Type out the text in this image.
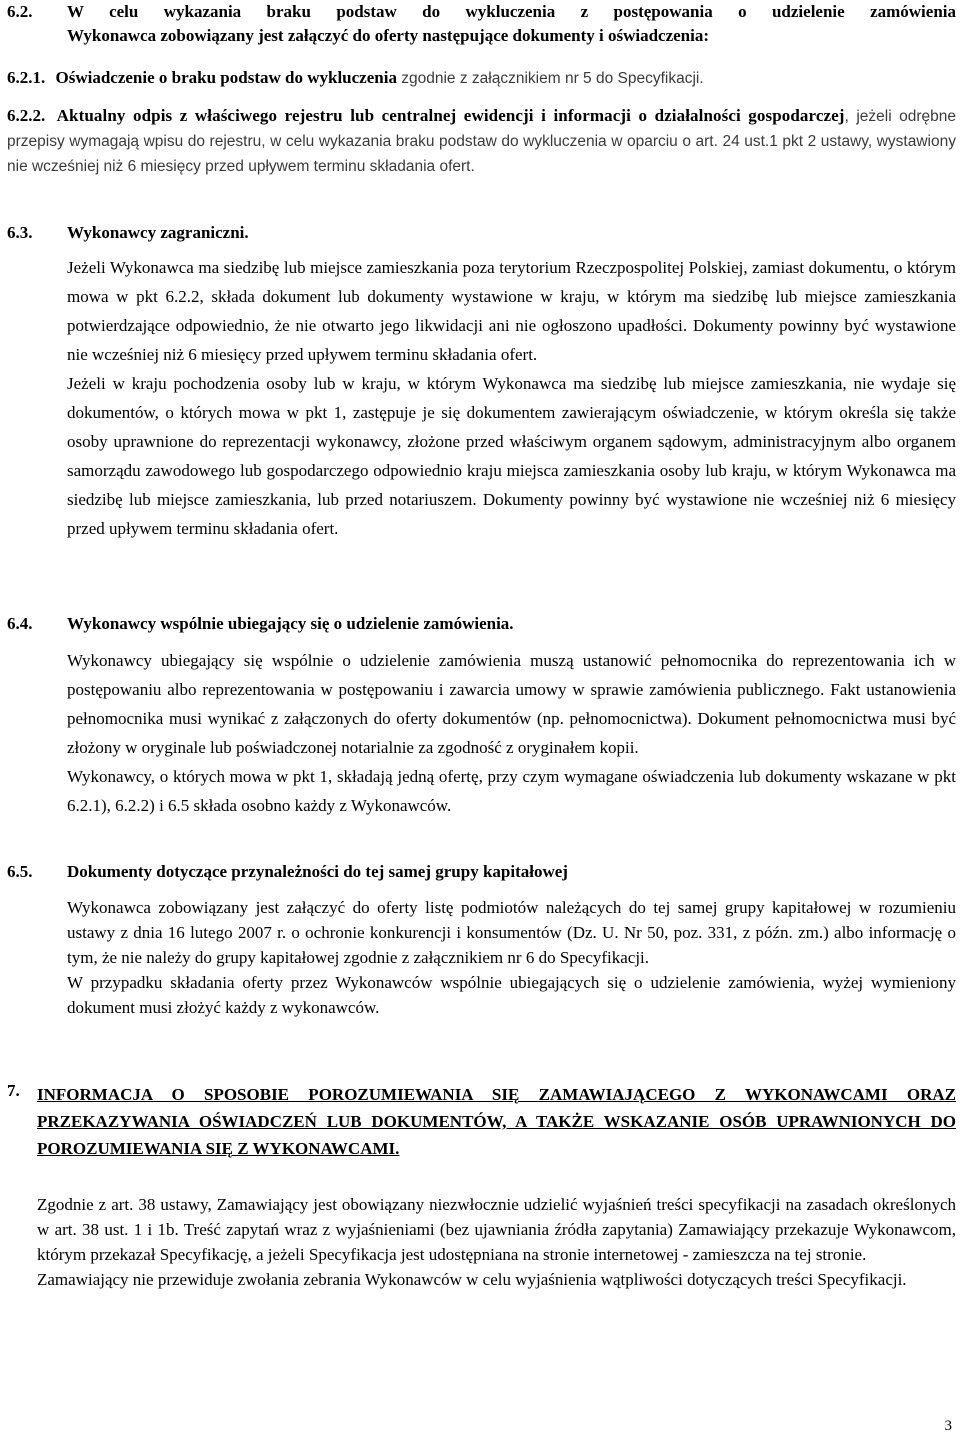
6.2.	W celu wykazania braku podstaw do wykluczenia z postępowania o udzielenie zamówienia

Wykonawca zobowiązany jest załączyć do oferty następujące dokumenty i oświadczenia:

6.2.1. Oświadczenie o braku podstaw do wykluczenia zgodnie z załącznikiem nr 5 do Specyfikacji.
6.2.2. Aktualny odpis z właściwego rejestru lub centralnej ewidencji i informacji o działalności gospodarczej, jeżeli odrębne przepisy wymagają wpisu do rejestru, w celu wykazania braku podstaw do wykluczenia w oparciu o art. 24 ust.1 pkt 2 ustawy, wystawiony nie wcześniej niż 6 miesięcy przed upływem terminu składania ofert.
6.3.	Wykonawcy zagraniczni.

Jeżeli Wykonawca ma siedzibę lub miejsce zamieszkania poza terytorium Rzeczpospolitej Polskiej, zamiast dokumentu, o którym mowa w pkt 6.2.2, składa dokument lub dokumenty wystawione w kraju, w którym ma siedzibę lub miejsce zamieszkania potwierdzające odpowiednio, że nie otwarto jego likwidacji ani nie ogłoszono upadłości. Dokumenty powinny być wystawione nie wcześniej niż 6 miesięcy przed upływem terminu składania ofert.

Jeżeli w kraju pochodzenia osoby lub w kraju, w którym Wykonawca ma siedzibę lub miejsce zamieszkania, nie wydaje się dokumentów, o których mowa w pkt 1, zastępuje je się dokumentem zawierającym oświadczenie, w którym określa się także osoby uprawnione do reprezentacji wykonawcy, złożone przed właściwym organem sądowym, administracyjnym albo organem samorządu zawodowego lub gospodarczego odpowiednio kraju miejsca zamieszkania osoby lub kraju, w którym Wykonawca ma siedzibę lub miejsce zamieszkania, lub przed notariuszem. Dokumenty powinny być wystawione nie wcześniej niż 6 miesięcy przed upływem terminu składania ofert.

6.4.	Wykonawcy wspólnie ubiegający się o udzielenie zamówienia.

Wykonawcy ubiegający się wspólnie o udzielenie zamówienia muszą ustanowić pełnomocnika do reprezentowania ich w postępowaniu albo reprezentowania w postępowaniu i zawarcia umowy w sprawie zamówienia publicznego. Fakt ustanowienia pełnomocnika musi wynikać z załączonych do oferty dokumentów (np. pełnomocnictwa). Dokument pełnomocnictwa musi być złożony w oryginale lub poświadczonej notarialnie za zgodność z oryginałem kopii.

Wykonawcy, o których mowa w pkt 1, składają jedną ofertę, przy czym wymagane oświadczenia lub dokumenty wskazane w pkt 6.2.1), 6.2.2) i 6.5 składa osobno każdy z Wykonawców.

6.5.	Dokumenty dotyczące przynależności do tej samej grupy kapitałowej

Wykonawca zobowiązany jest załączyć do oferty listę podmiotów należących do tej samej grupy kapitałowej w rozumieniu ustawy z dnia 16 lutego 2007 r. o ochronie konkurencji i konsumentów (Dz. U. Nr 50, poz. 331, z późn. zm.) albo informację o tym, że nie należy do grupy kapitałowej zgodnie z załącznikiem nr 6 do Specyfikacji.

W przypadku składania oferty przez Wykonawców wspólnie ubiegających się o udzielenie zamówienia, wyżej wymieniony dokument musi złożyć każdy z wykonawców.

7.	INFORMACJA O SPOSOBIE POROZUMIEWANIA SIĘ ZAMAWIAJĄCEGO Z WYKONAWCAMI ORAZ PRZEKAZYWANIA OŚWIADCZEŃ LUB DOKUMENTÓW, A TAKŻE WSKAZANIE OSÓB UPRAWNIONYCH DO POROZUMIEWANIA SIĘ Z WYKONAWCAMI.

Zgodnie z art. 38 ustawy, Zamawiający jest obowiązany niezwłocznie udzielić wyjaśnień treści specyfikacji na zasadach określonych w art. 38 ust. 1 i 1b. Treść zapytań wraz z wyjaśnieniami (bez ujawniania źródła zapytania) Zamawiający przekazuje Wykonawcom, którym przekazał Specyfikację, a jeżeli Specyfikacja jest udostępniana na stronie internetowej - zamieszcza na tej stronie.

Zamawiający nie przewiduje zwołania zebrania Wykonawców w celu wyjaśnienia wątpliwości dotyczących treści Specyfikacji.

3
